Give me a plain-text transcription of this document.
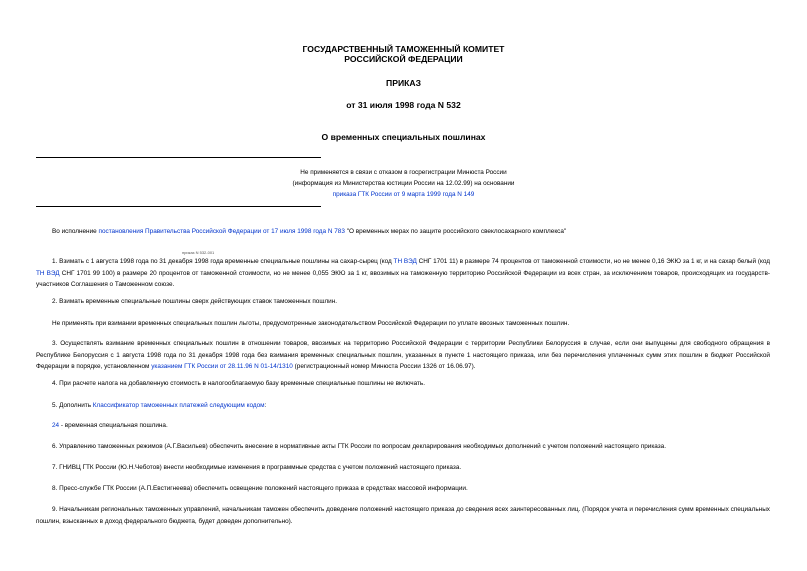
ГОСУДАРСТВЕННЫЙ ТАМОЖЕННЫЙ КОМИТЕТ
РОССИЙСКОЙ ФЕДЕРАЦИИ
ПРИКАЗ
от 31 июля 1998 года N 532
О временных специальных пошлинах
Не применяется в связи с отказом в госрегистрации Минюста России
(информация из Министерства юстиции России на 12.02.99) на основании
приказа ГТК России от 9 марта 1999 года N 149
Во исполнение постановления Правительства Российской Федерации от 17 июля 1998 года N 783 "О временных мерах по защите российского свеклосахарного комплекса"
приказ N 532-001
1. Взимать с 1 августа 1998 года по 31 декабря 1998 года временные специальные пошлины на сахар-сырец (код ТН ВЭД СНГ 1701 11) в размере 74 процентов от таможенной стоимости, но не менее 0,16 ЭКЮ за 1 кг, и на сахар белый (код ТН ВЭД СНГ 1701 99 100) в размере 20 процентов от таможенной стоимости, но не менее 0,055 ЭКЮ за 1 кг, ввозимых на таможенную территорию Российской Федерации из всех стран, за исключением товаров, происходящих из государств-участников Соглашения о Таможенном союзе.
2. Взимать временные специальные пошлины сверх действующих ставок таможенных пошлин.
Не применять при взимании временных специальных пошлин льготы, предусмотренные законодательством Российской Федерации по уплате ввозных таможенных пошлин.
3. Осуществлять взимание временных специальных пошлин в отношении товаров, ввозимых на территорию Российской Федерации с территории Республики Белоруссия в случае, если они выпущены для свободного обращения в Республике Белоруссия с 1 августа 1998 года по 31 декабря 1998 года без взимания временных специальных пошлин, указанных в пункте 1 настоящего приказа, или без перечисления уплаченных сумм этих пошлин в бюджет Российской Федерации в порядке, установленном указанием ГТК России от 28.11.96 N 01-14/1310 (регистрационный номер Минюста России 1326 от 16.06.97).
4. При расчете налога на добавленную стоимость в налогооблагаемую базу временные специальные пошлины не включать.
5. Дополнить Классификатор таможенных платежей следующим кодом:
24 - временная специальная пошлина.
6. Управлению таможенных режимов (А.Г.Васильев) обеспечить внесение в нормативные акты ГТК России по вопросам декларирования необходимых дополнений с учетом положений настоящего приказа.
7. ГНИВЦ ГТК России (Ю.Н.Чеботов) внести необходимые изменения в программные средства с учетом положений настоящего приказа.
8. Пресс-службе ГТК России (А.П.Евстигнеева) обеспечить освещение положений настоящего приказа в средствах массовой информации.
9. Начальникам региональных таможенных управлений, начальникам таможен обеспечить доведение положений настоящего приказа до сведения всех заинтересованных лиц. (Порядок учета и перечисления сумм временных специальных пошлин, взысканных в доход федерального бюджета, будет доведен дополнительно).
